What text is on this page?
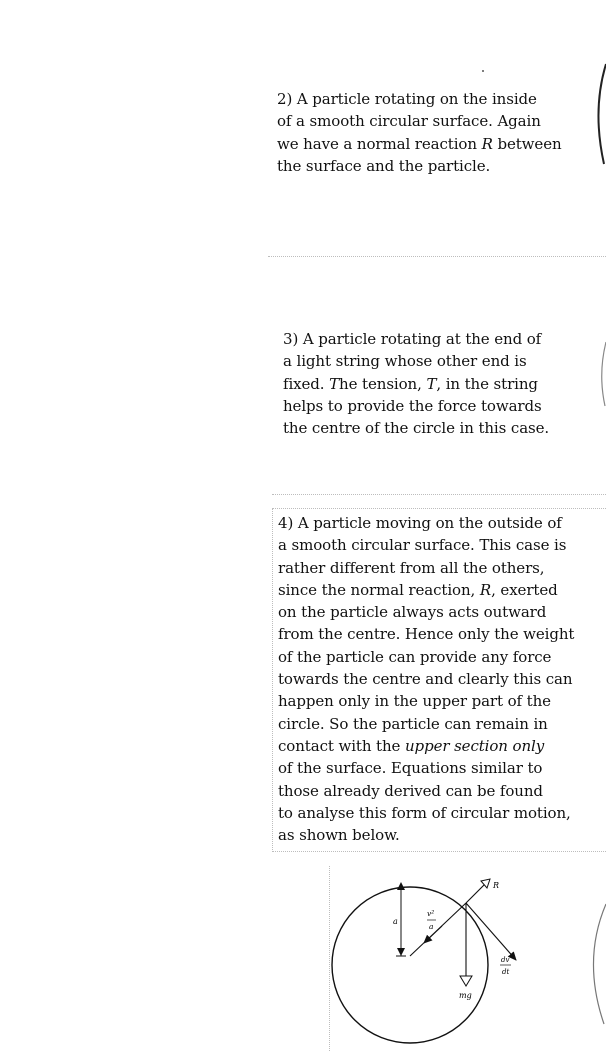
2) A particle rotating on the inside
of a smooth circular surface. Again
we have a normal reaction R between
the surface and the particle.
3) A particle rotating at the end of
a light string whose other end is
fixed. The tension, T, in the string
helps to provide the force towards
the centre of the circle in this case.
4) A particle moving on the outside of
a smooth circular surface. This case is
rather different from all the others,
since the normal reaction, R, exerted
on the particle always acts outward
from the centre. Hence only the weight
of the particle can provide any force
towards the centre and clearly this can
happen only in the upper part of the
circle. So the particle can remain in
contact with the upper section only
of the surface. Equations similar to
those already derived can be found
to analyse this form of circular motion,
as shown below.
R
a
v²
a
dv
dt
mg
